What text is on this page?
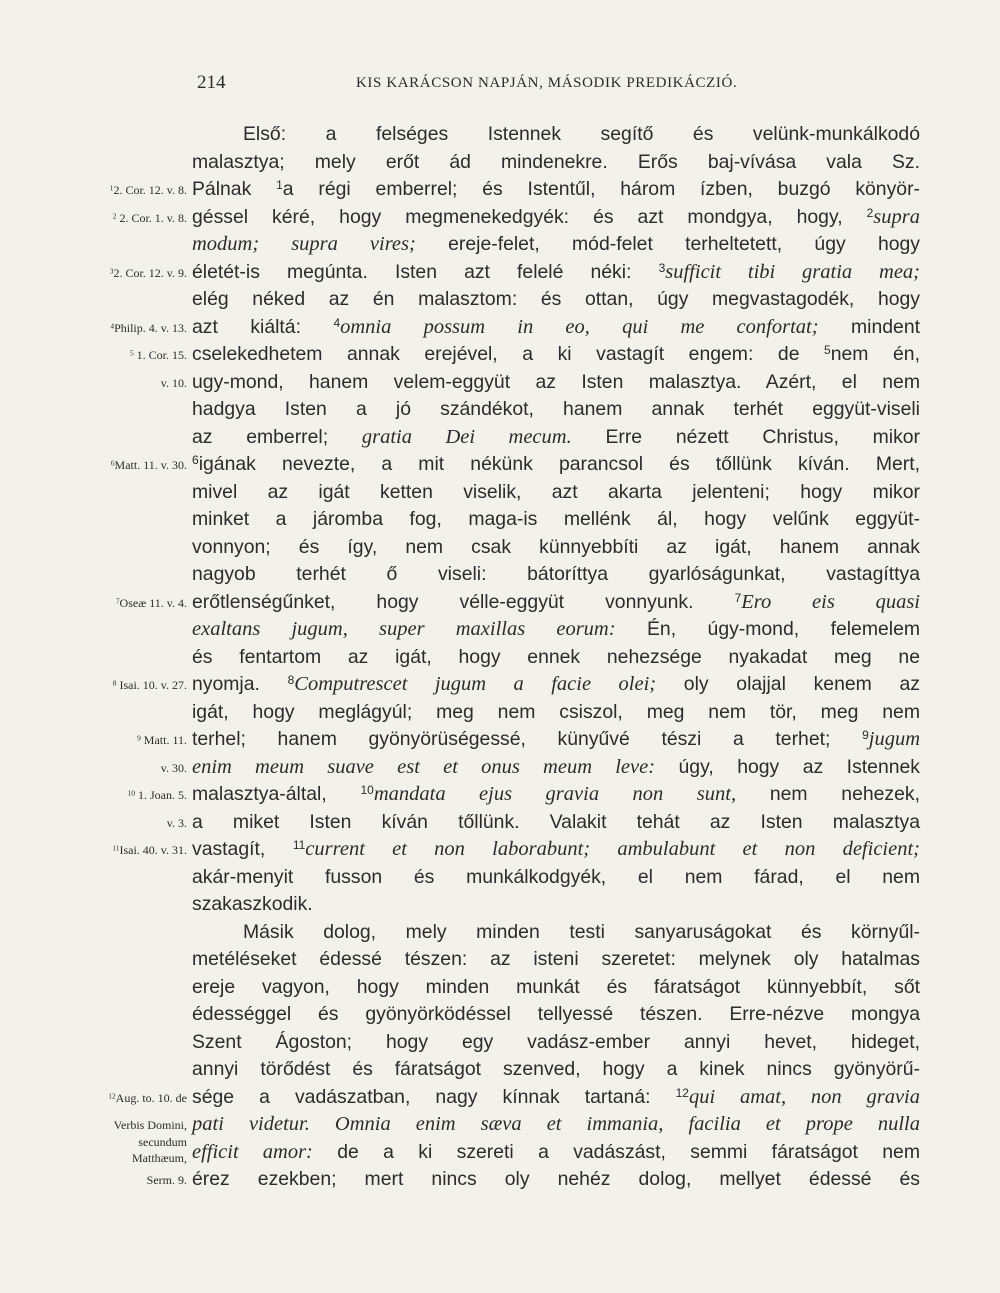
214	KIS KARÁCSON NAPJÁN, MÁSODIK PREDIKÁCZIÓ.
Első: a felséges Istennek segítő és velünk-munkálkodó
malasztya; mely erőt ád mindenekre. Erős baj-vívása vala Sz.
Pálnak $^1$a régi emberrel; és Istentűl, három ízben, buzgó könyör-
géssel kéré, hogy megmenekedgyék: és azt mondgya, hogy, $^2$supra
modum; supra vires; ereje-felet, mód-felet terheltetett, úgy hogy
életét-is megúnta. Isten azt felelé néki: $^3$sufficit tibi gratia mea;
elég néked az én malasztom: és ottan, úgy megvastagodék, hogy
azt kiáltá: $^4$omnia possum in eo, qui me confortat; mindent
cselekedhetem annak erejével, a ki vastagít engem: de $^5$nem én,
ugy-mond, hanem velem-eggyüt az Isten malasztya. Azért, el nem
hadgya Isten a jó szándékot, hanem annak terhét eggyüt-viseli
az emberrel; gratia Dei mecum. Erre nézett Christus, mikor
$^6$igának nevezte, a mit nékünk parancsol és tőllünk kíván. Mert,
mivel az igát ketten viselik, azt akarta jelenteni; hogy mikor
minket a járomba fog, maga-is mellénk ál, hogy velűnk eggyüt-
vonnyon; és így, nem csak künnyebbíti az igát, hanem annak
nagyob terhét ő viseli: bátoríttya gyarlóságunkat, vastagíttya
erőtlenségűnket, hogy vélle-eggyüt vonnyunk. $^7$Ero eis quasi
exaltans jugum, super maxillas eorum: Én, úgy-mond, felemelem
és fentartom az igát, hogy ennek nehezsége nyakadat meg ne
nyomja. $^8$Computrescet jugum a facie olei; oly olajjal kenem az
igát, hogy meglágyúl; meg nem csiszol, meg nem tör, meg nem
terhel; hanem gyönyörüségessé, künyűvé tészi a terhet; $^9$jugum
enim meum suave est et onus meum leve: úgy, hogy az Istennek
malasztya-által, $^{10}$mandata ejus gravia non sunt, nem nehezek,
a miket Isten kíván tőllünk. Valakit tehát az Isten malasztya
vastagít, $^{11}$current et non laborabunt; ambulabunt et non deficient;
akár-menyit fusson és munkálkodgyék, el nem fárad, el nem
szakaszkodik.
Másik dolog, mely minden testi sanyaruságokat és környűl-
metéléseket édessé tészen: az isteni szeretet: melynek oly hatalmas
ereje vagyon, hogy minden munkát és fáratságot künnyebbít, sőt
édességgel és gyönyörködéssel tellyessé tészen. Erre-nézve mongya
Szent Ágoston; hogy egy vadász-ember annyi hevet, hideget,
annyi törődést és fáratságot szenved, hogy a kinek nincs gyönyörű-
sége a vadászatban, nagy kínnak tartaná: $^{12}$qui amat, non gravia
pati videtur. Omnia enim sæva et immania, facilia et prope nulla
efficit amor: de a ki szereti a vadászást, semmi fáratságot nem
érez ezekben; mert nincs oly nehéz dolog, mellyet édessé és
$^1$2. Cor. 12. v. 8.
$^2$ 2. Cor. 1. v. 8.
$^3$2. Cor. 12. v. 9.
$^4$Philip. 4. v. 13.
$^5$ 1. Cor. 15.
v. 10.
$^6$Matt. 11. v. 30.
$^7$Oseæ 11. v. 4.
$^8$ Isai. 10. v. 27.
$^9$ Matt. 11.
v. 30.
$^{10}$ 1. Joan. 5.
v. 3.
$^{11}$Isai. 40. v. 31.
$^{12}$Aug. to. 10. de
Verbis Domini,
secundum
Matthæum,
Serm. 9.
